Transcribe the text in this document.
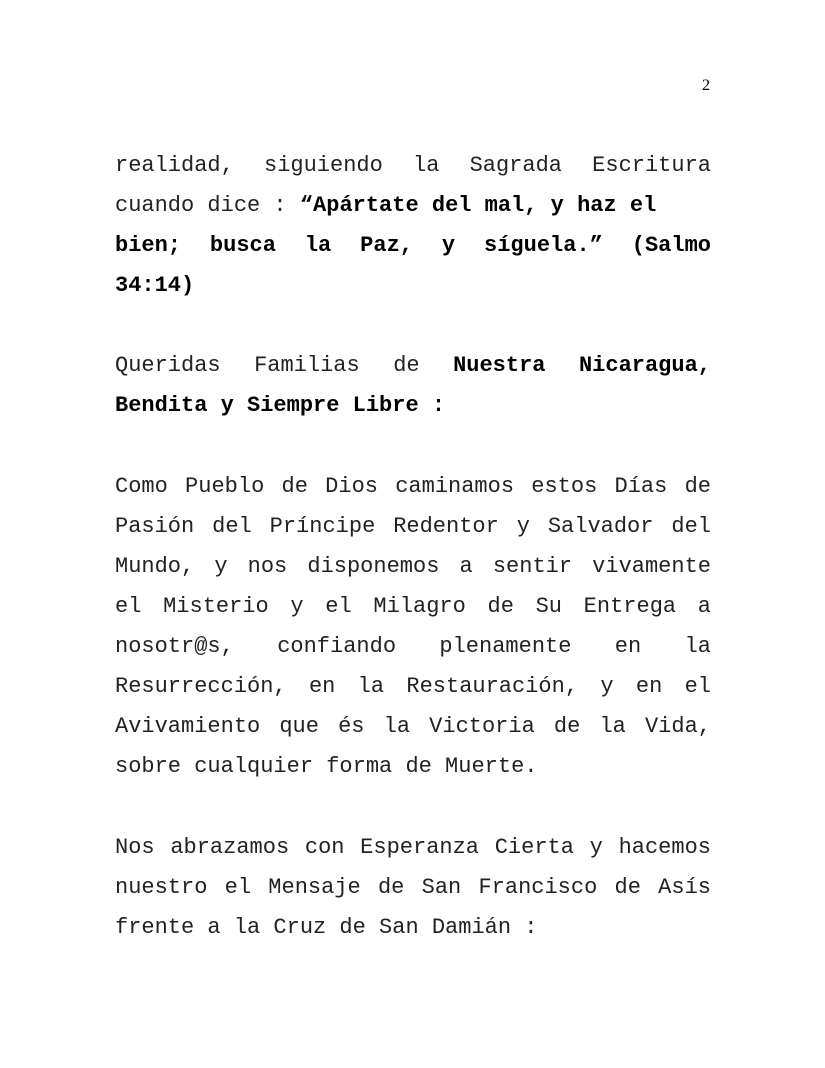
2
realidad, siguiendo la Sagrada Escritura
cuando dice : “Apártate del mal, y haz el
bien; busca la Paz, y síguela.” (Salmo
34:14)
Queridas Familias de Nuestra Nicaragua,
Bendita y Siempre Libre :
Como Pueblo de Dios caminamos estos Días de
Pasión del Príncipe Redentor y Salvador del
Mundo, y nos disponemos a sentir vivamente
el Misterio y el Milagro de Su Entrega a
nosotr@s, confiando plenamente en la
Resurrección, en la Restauración, y en el
Avivamiento que és la Victoria de la Vida,
sobre cualquier forma de Muerte.
Nos abrazamos con Esperanza Cierta y hacemos
nuestro el Mensaje de San Francisco de Asís
frente a la Cruz de San Damián :
